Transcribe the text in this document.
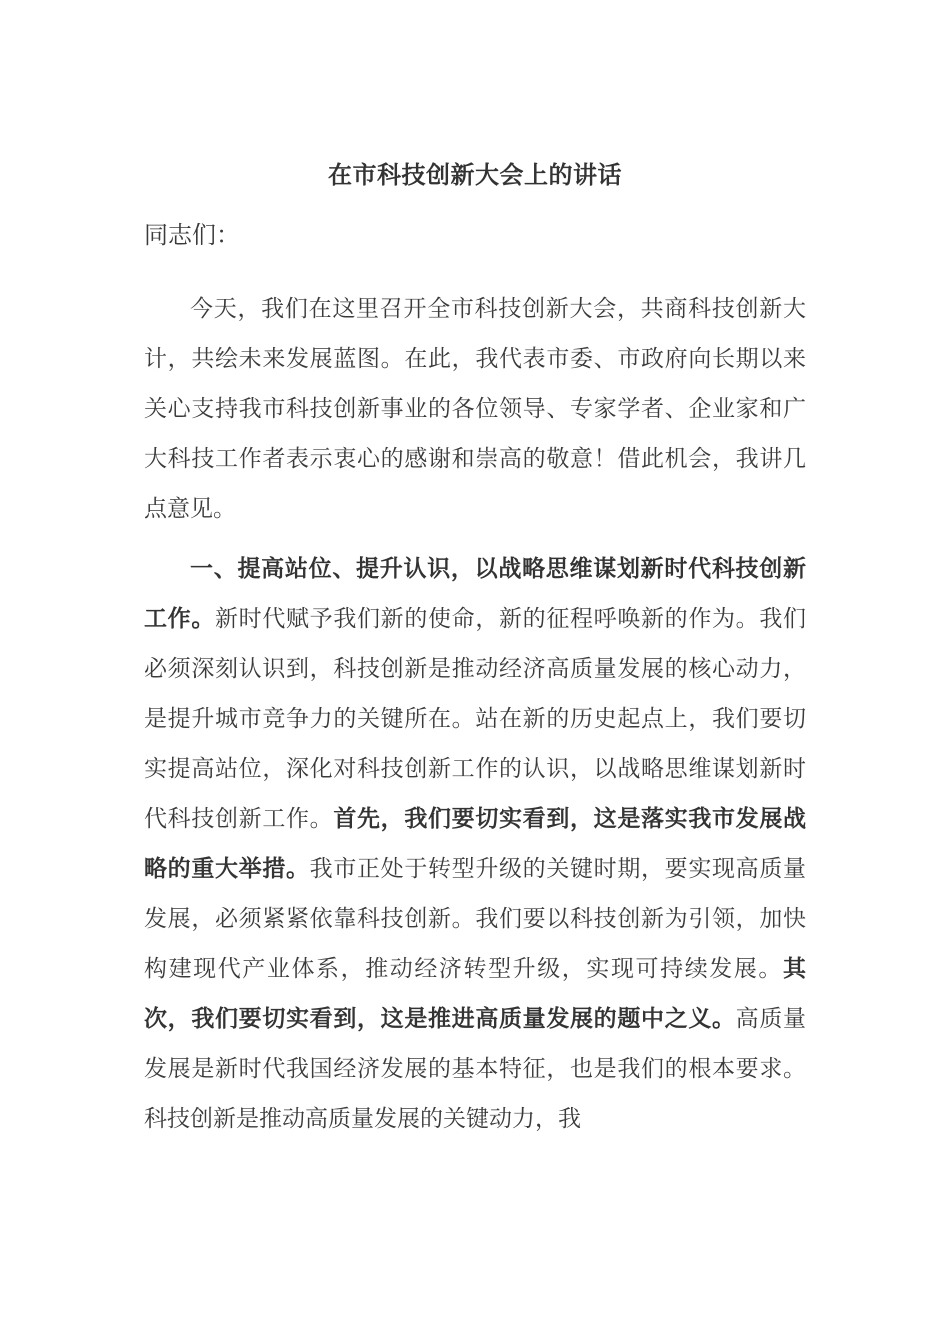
在市科技创新大会上的讲话

同志们：

今天，我们在这里召开全市科技创新大会，共商科技创新大计，共绘未来发展蓝图。在此，我代表市委、市政府向长期以来关心支持我市科技创新事业的各位领导、专家学者、企业家和广大科技工作者表示衷心的感谢和崇高的敬意！借此机会，我讲几点意见。

一、提高站位、提升认识，以战略思维谋划新时代科技创新工作。新时代赋予我们新的使命，新的征程呼唤新的作为。我们必须深刻认识到，科技创新是推动经济高质量发展的核心动力，是提升城市竞争力的关键所在。站在新的历史起点上，我们要切实提高站位，深化对科技创新工作的认识，以战略思维谋划新时代科技创新工作。首先，我们要切实看到，这是落实我市发展战略的重大举措。我市正处于转型升级的关键时期，要实现高质量发展，必须紧紧依靠科技创新。我们要以科技创新为引领，加快构建现代产业体系，推动经济转型升级，实现可持续发展。其次，我们要切实看到，这是推进高质量发展的题中之义。高质量发展是新时代我国经济发展的基本特征，也是我们的根本要求。科技创新是推动高质量发展的关键动力，我
